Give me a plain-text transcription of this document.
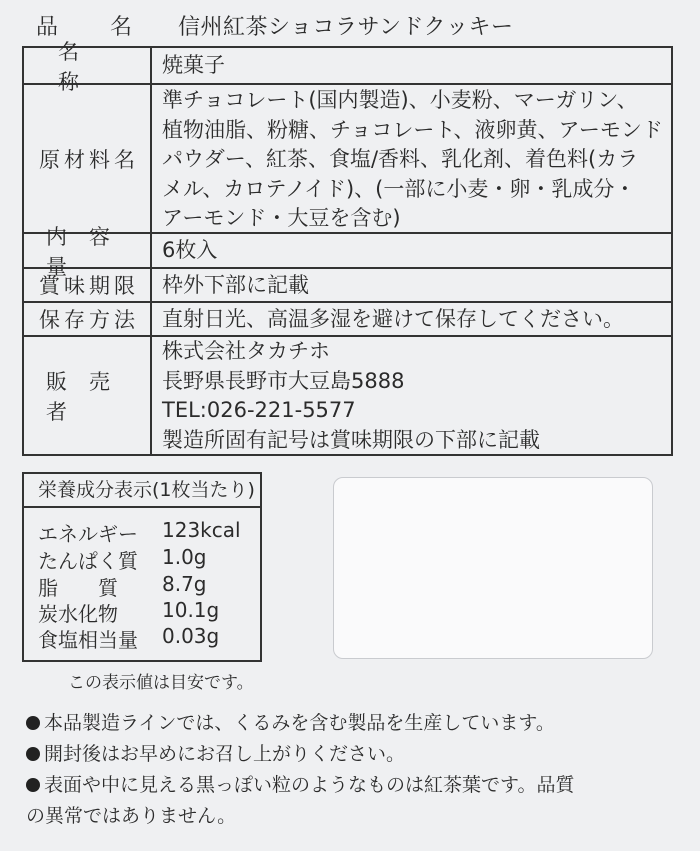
品名
信州紅茶ショコラサンドクッキー
名称
焼菓子
原材料名
準チョコレート(国内製造)、小麦粉、マーガリン、
植物油脂、粉糖、チョコレート、液卵黄、アーモンド
パウダー、紅茶、食塩/香料、乳化剤、着色料(カラ
メル、カロテノイド)、(一部に小麦・卵・乳成分・
アーモンド・大豆を含む)
内容量
6枚入
賞味期限 枠外下部に記載
保存方法 直射日光、高温多湿を避けて保存してください。
販売者
株式会社タカチホ
長野県長野市大豆島5888
TEL:026-221-5577
製造所固有記号は賞味期限の下部に記載
栄養成分表示(1枚当たり)
エネルギー 123kcal
たんぱく質 1.0g
脂　　質 8.7g
炭水化物 10.1g
食塩相当量 0.03g
この表示値は目安です。
本品製造ラインでは、くるみを含む製品を生産しています。
開封後はお早めにお召し上がりください。
表面や中に見える黒っぽい粒のようなものは紅茶葉です。品質
の異常ではありません。
